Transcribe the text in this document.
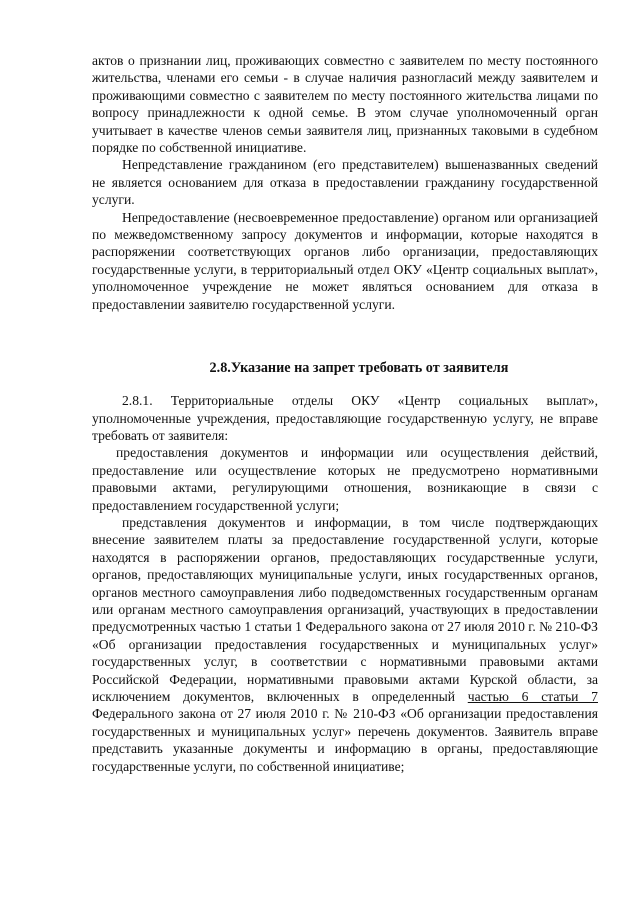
актов о признании лиц, проживающих совместно с заявителем по месту постоянного жительства, членами его семьи - в случае наличия разногласий между заявителем и проживающими совместно с заявителем по месту постоянного жительства лицами по вопросу принадлежности к одной семье. В этом случае уполномоченный орган учитывает в качестве членов семьи заявителя лиц, признанных таковыми в судебном порядке по собственной инициативе.

Непредставление гражданином (его представителем) вышеназванных сведений не является основанием для отказа в предоставлении гражданину государственной услуги.

Непредоставление (несвоевременное предоставление) органом или организацией по межведомственному запросу документов и информации, которые находятся в распоряжении соответствующих органов либо организации, предоставляющих государственные услуги, в территориальный отдел ОКУ «Центр социальных выплат», уполномоченное учреждение не может являться основанием для отказа в предоставлении заявителю государственной услуги.

2.8.Указание на запрет требовать от заявителя

2.8.1. Территориальные отделы ОКУ «Центр социальных выплат», уполномоченные учреждения, предоставляющие государственную услугу, не вправе требовать от заявителя:

предоставления документов и информации или осуществления действий, предоставление или осуществление которых не предусмотрено нормативными правовыми актами, регулирующими отношения, возникающие в связи с предоставлением государственной услуги;

представления документов и информации, в том числе подтверждающих внесение заявителем платы за предоставление государственной услуги, которые находятся в распоряжении органов, предоставляющих государственные услуги, органов, предоставляющих муниципальные услуги, иных государственных органов, органов местного самоуправления либо подведомственных государственным органам или органам местного самоуправления организаций, участвующих в предоставлении предусмотренных частью 1 статьи 1 Федерального закона от 27 июля 2010 г. № 210-ФЗ «Об организации предоставления государственных и муниципальных услуг» государственных услуг, в соответствии с нормативными правовыми актами Российской Федерации, нормативными правовыми актами Курской области, за исключением документов, включенных в определенный частью 6 статьи 7 Федерального закона от 27 июля 2010 г. № 210-ФЗ «Об организации предоставления государственных и муниципальных услуг» перечень документов. Заявитель вправе представить указанные документы и информацию в органы, предоставляющие государственные услуги, по собственной инициативе;
